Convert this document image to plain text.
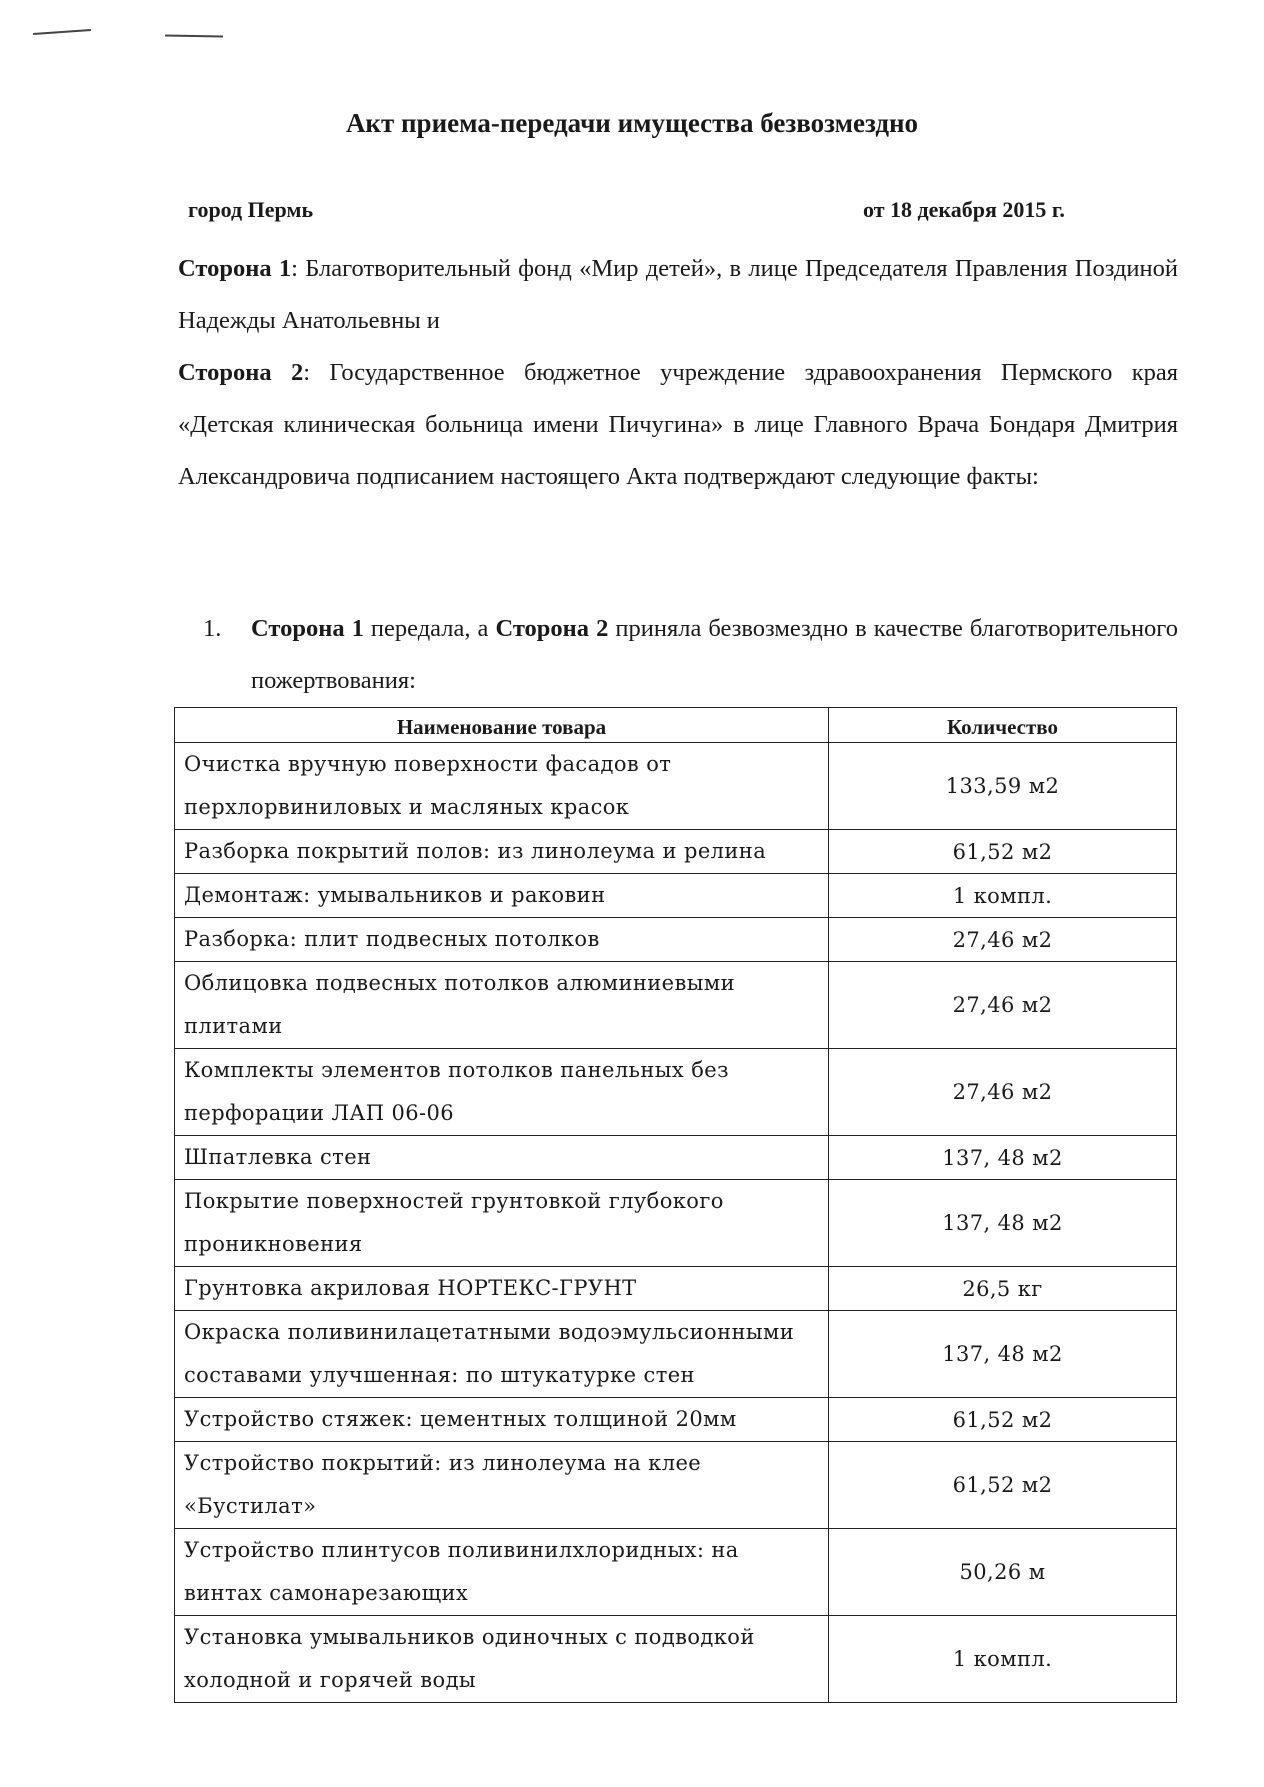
Акт приема-передачи имущества безвозмездно
город Пермь	от 18 декабря 2015 г.
Сторона 1: Благотворительный фонд «Мир детей», в лице Председателя Правления Поздиной Надежды Анатольевны и
Сторона 2: Государственное бюджетное учреждение здравоохранения Пермского края «Детская клиническая больница имени Пичугина» в лице Главного Врача Бондаря Дмитрия Александровича подписанием настоящего Акта подтверждают следующие факты:
1. Сторона 1 передала, а Сторона 2 приняла безвозмездно в качестве благотворительного пожертвования:
Наименование товара	Количество
Очистка вручную поверхности фасадов от перхлорвиниловых и масляных красок	133,59 м2
Разборка покрытий полов: из линолеума и релина	61,52 м2
Демонтаж: умывальников и раковин	1 компл.
Разборка: плит подвесных потолков	27,46 м2
Облицовка подвесных потолков алюминиевыми плитами	27,46 м2
Комплекты элементов потолков панельных без перфорации ЛАП 06-06	27,46 м2
Шпатлевка стен	137, 48 м2
Покрытие поверхностей грунтовкой глубокого проникновения	137, 48 м2
Грунтовка акриловая НОРТЕКС-ГРУНТ	26,5 кг
Окраска поливинилацетатными водоэмульсионными составами улучшенная: по штукатурке стен	137, 48 м2
Устройство стяжек: цементных толщиной 20мм	61,52 м2
Устройство покрытий: из линолеума на клее «Бустилат»	61,52 м2
Устройство плинтусов поливинилхлоридных: на винтах самонарезающих	50,26 м
Установка умывальников одиночных с подводкой холодной и горячей воды	1 компл.
